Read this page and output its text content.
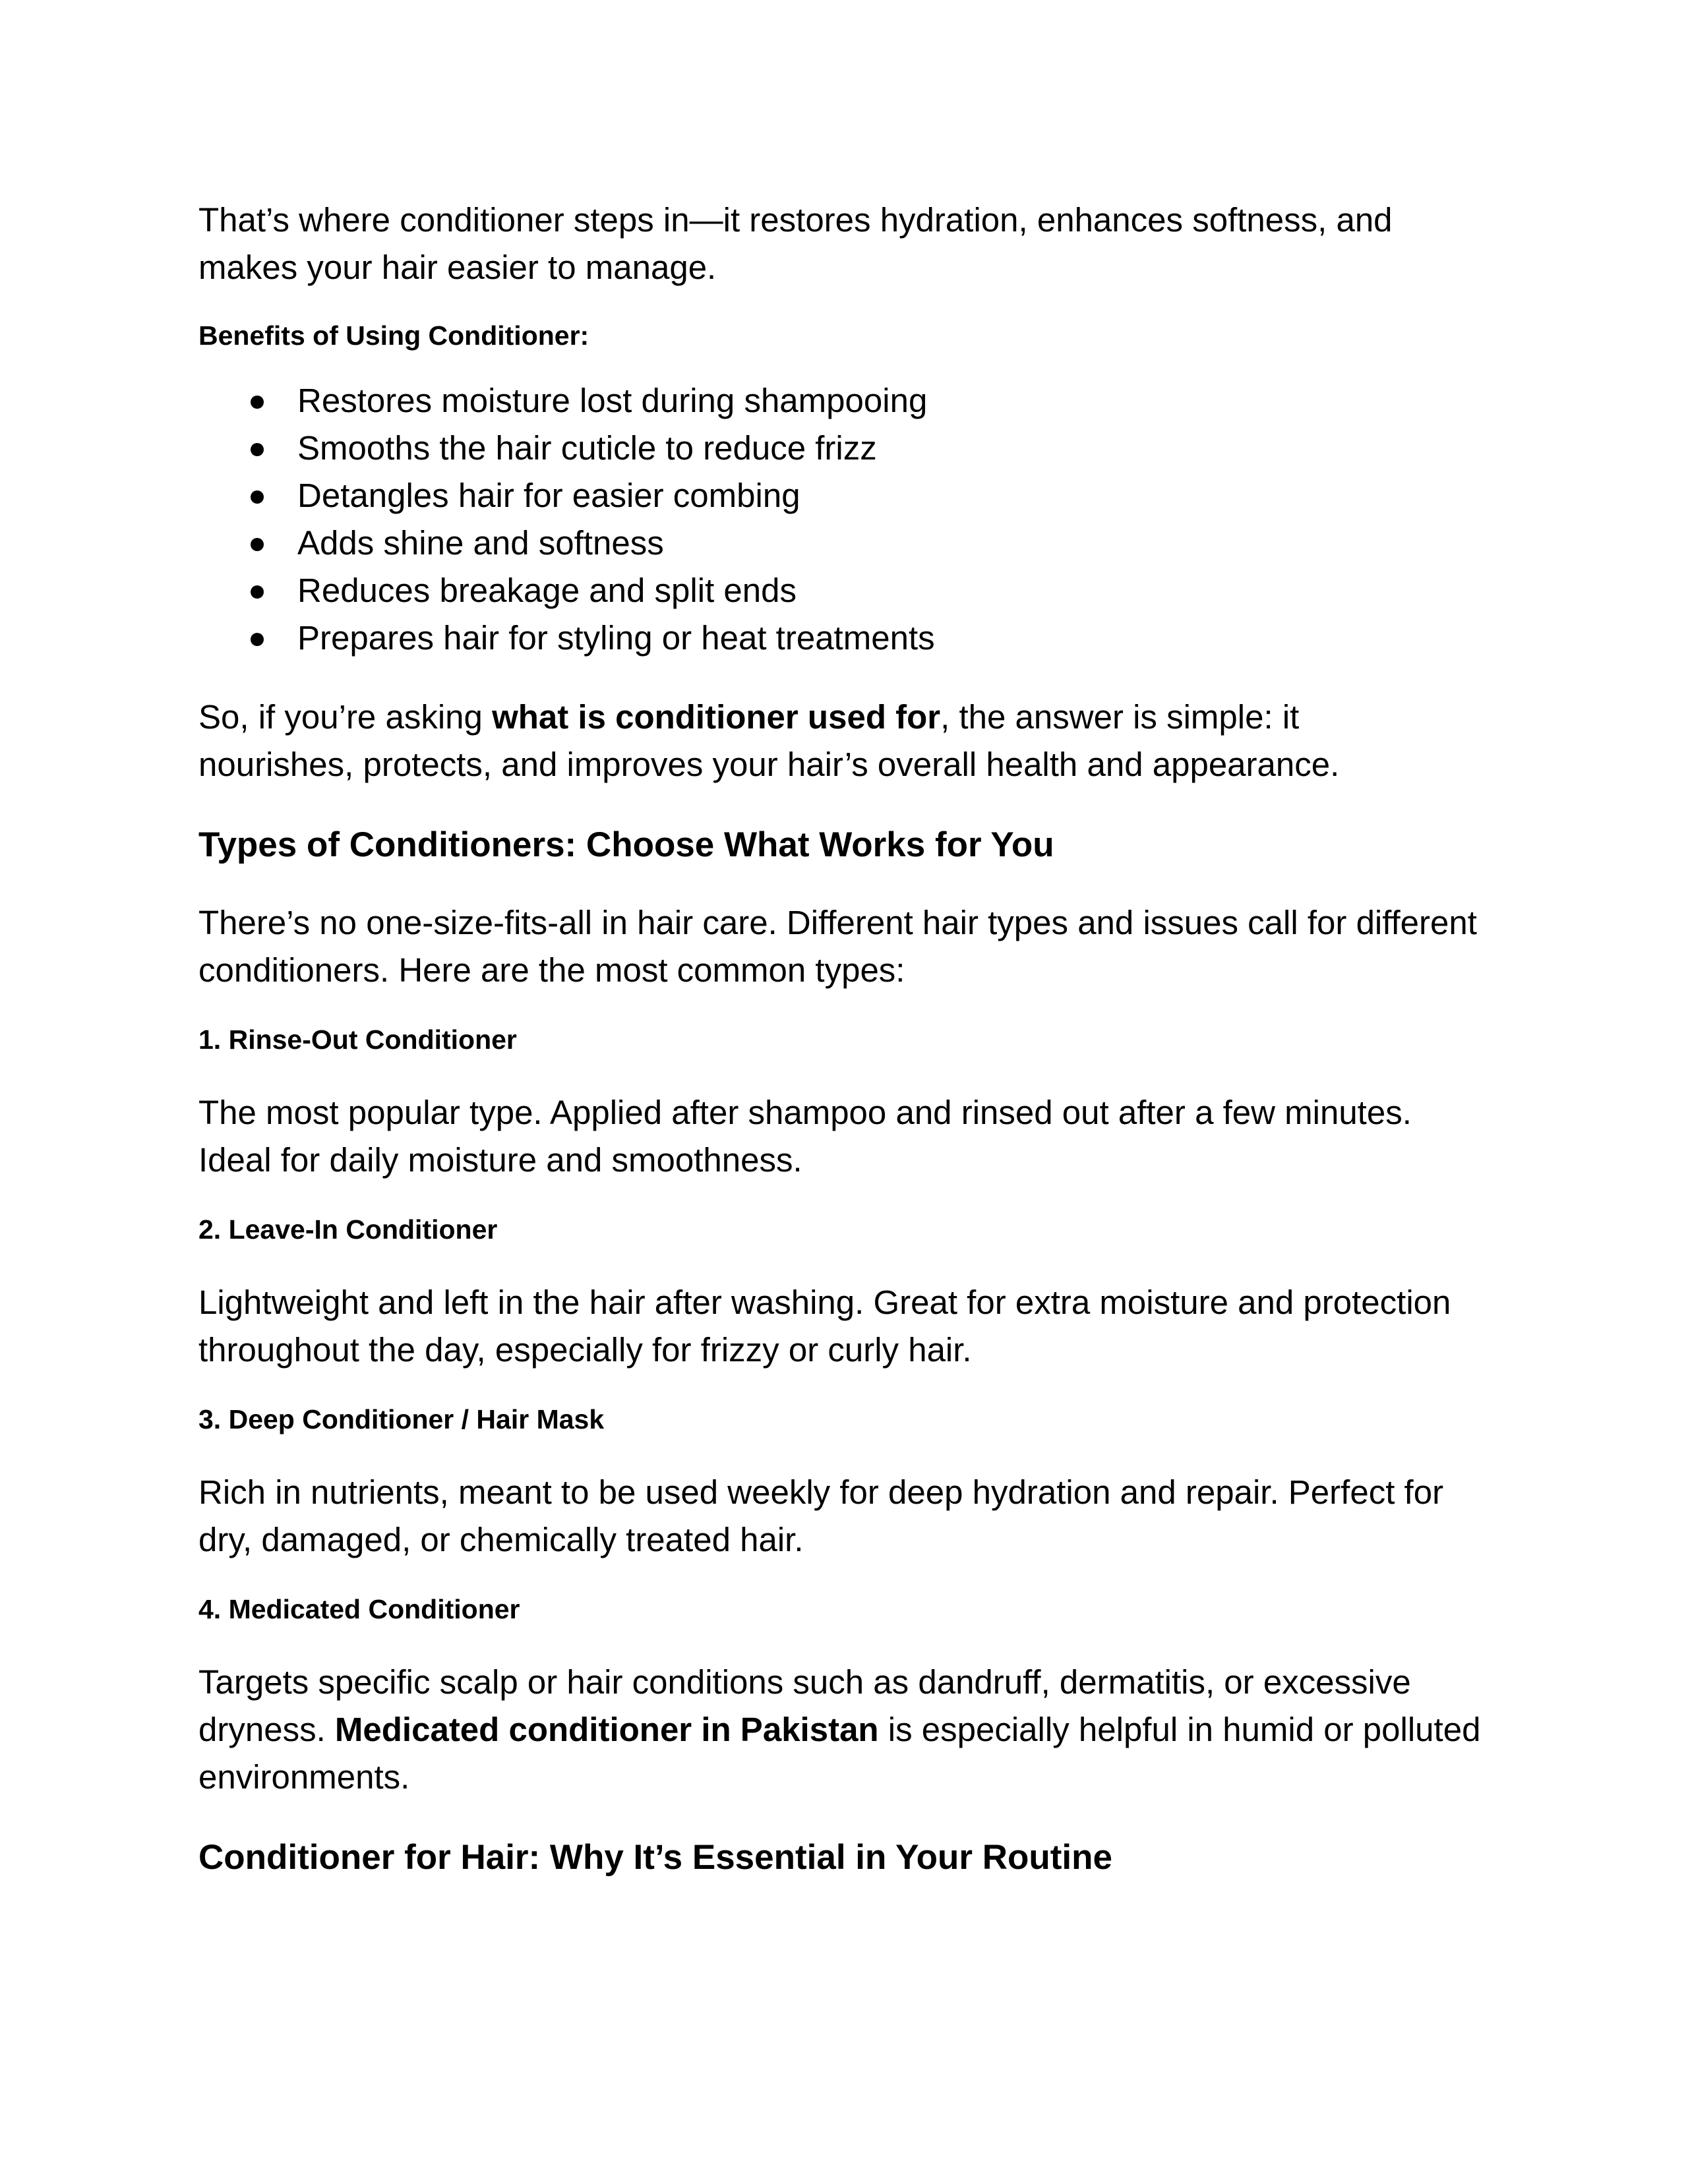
That’s where conditioner steps in—it restores hydration, enhances softness, and makes your hair easier to manage.

Benefits of Using Conditioner:

Restores moisture lost during shampooing
Smooths the hair cuticle to reduce frizz
Detangles hair for easier combing
Adds shine and softness
Reduces breakage and split ends
Prepares hair for styling or heat treatments

So, if you’re asking what is conditioner used for, the answer is simple: it nourishes, protects, and improves your hair’s overall health and appearance.

Types of Conditioners: Choose What Works for You

There’s no one-size-fits-all in hair care. Different hair types and issues call for different conditioners. Here are the most common types:

1. Rinse-Out Conditioner

The most popular type. Applied after shampoo and rinsed out after a few minutes. Ideal for daily moisture and smoothness.

2. Leave-In Conditioner

Lightweight and left in the hair after washing. Great for extra moisture and protection throughout the day, especially for frizzy or curly hair.

3. Deep Conditioner / Hair Mask

Rich in nutrients, meant to be used weekly for deep hydration and repair. Perfect for dry, damaged, or chemically treated hair.

4. Medicated Conditioner

Targets specific scalp or hair conditions such as dandruff, dermatitis, or excessive dryness. Medicated conditioner in Pakistan is especially helpful in humid or polluted environments.

Conditioner for Hair: Why It’s Essential in Your Routine
